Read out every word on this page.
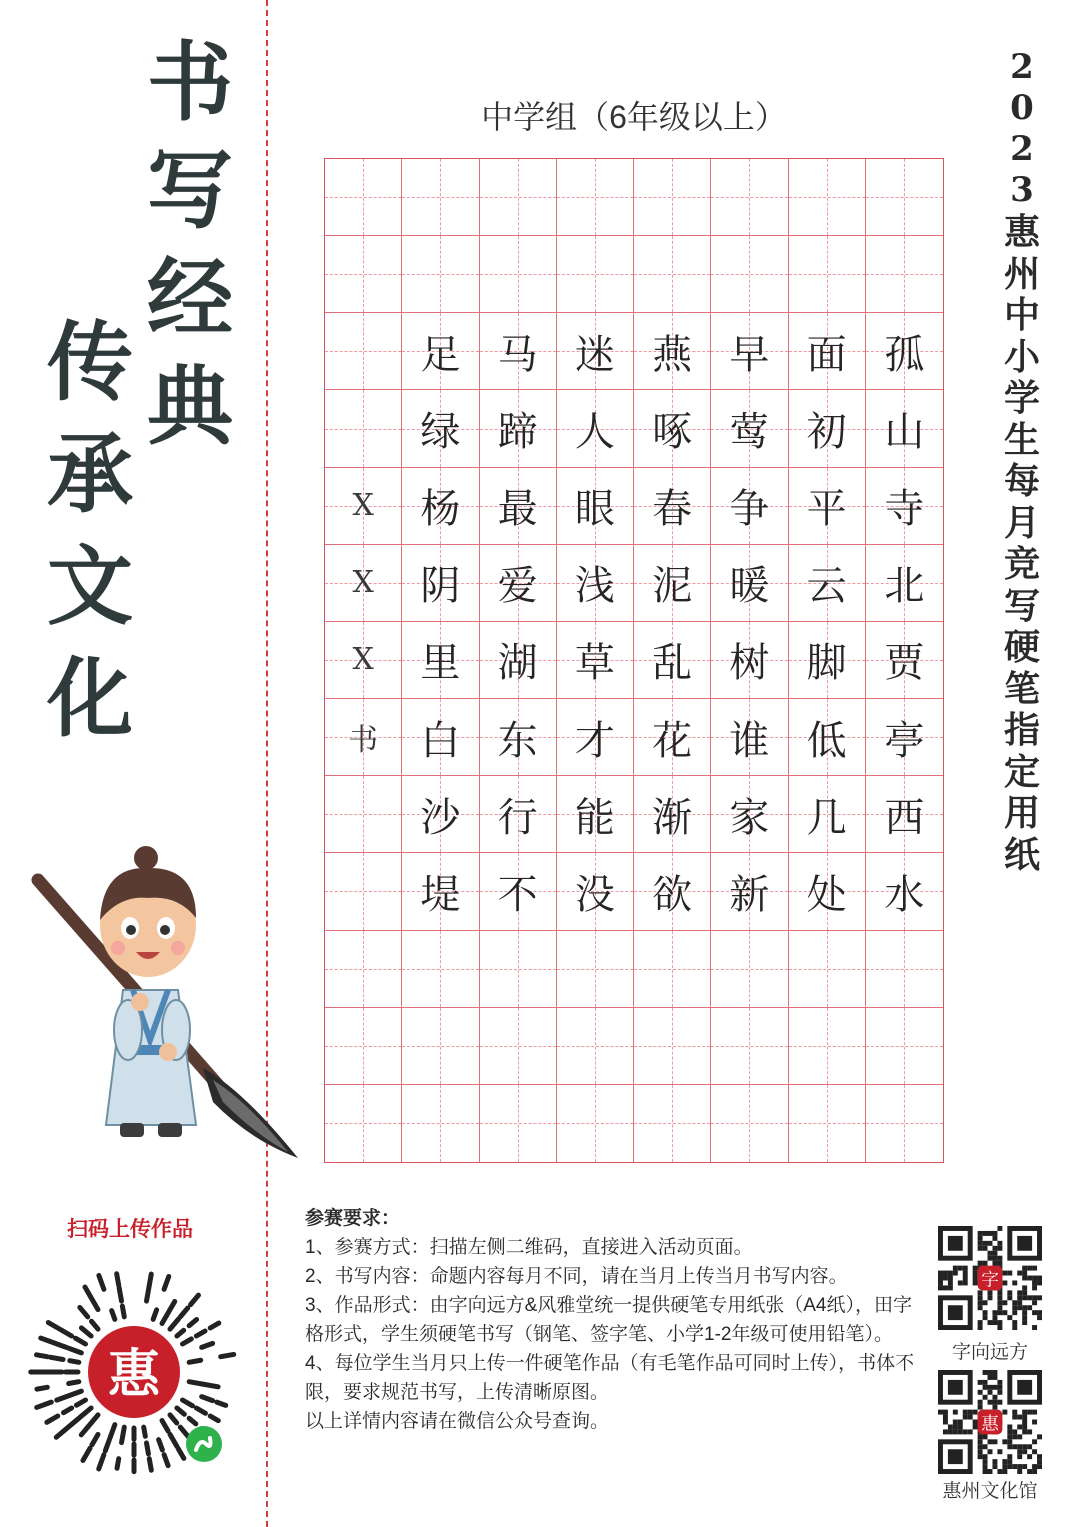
书
写
经
典
传
承
文
化
2
0
2
3
惠
州
中
小
学
生
每
月
竞
写
硬
笔
指
定
用
纸
中学组（6年级以上）
足 马 迷 燕 早 面 孤
绿 蹄 人 啄 莺 初 山
X 杨 最 眼 春 争 平 寺
X 阴 爱 浅 泥 暖 云 北
X 里 湖 草 乱 树 脚 贾
书 白 东 才 花 谁 低 亭
沙 行 能 渐 家 几 西
堤 不 没 欲 新 处 水
扫码上传作品
惠

参赛要求：

1、参赛方式：扫描左侧二维码，直接进入活动页面。

2、书写内容：命题内容每月不同，请在当月上传当月书写内容。

3、作品形式：由字向远方&风雅堂统一提供硬笔专用纸张（A4纸），田字格形式，学生须硬笔书写（钢笔、签字笔、小学1-2年级可使用铅笔）。

4、每位学生当月只上传一件硬笔作品（有毛笔作品可同时上传），书体不限，要求规范书写，上传清晰原图。

以上详情内容请在微信公众号查询。

字
字向远方
惠
惠州文化馆
